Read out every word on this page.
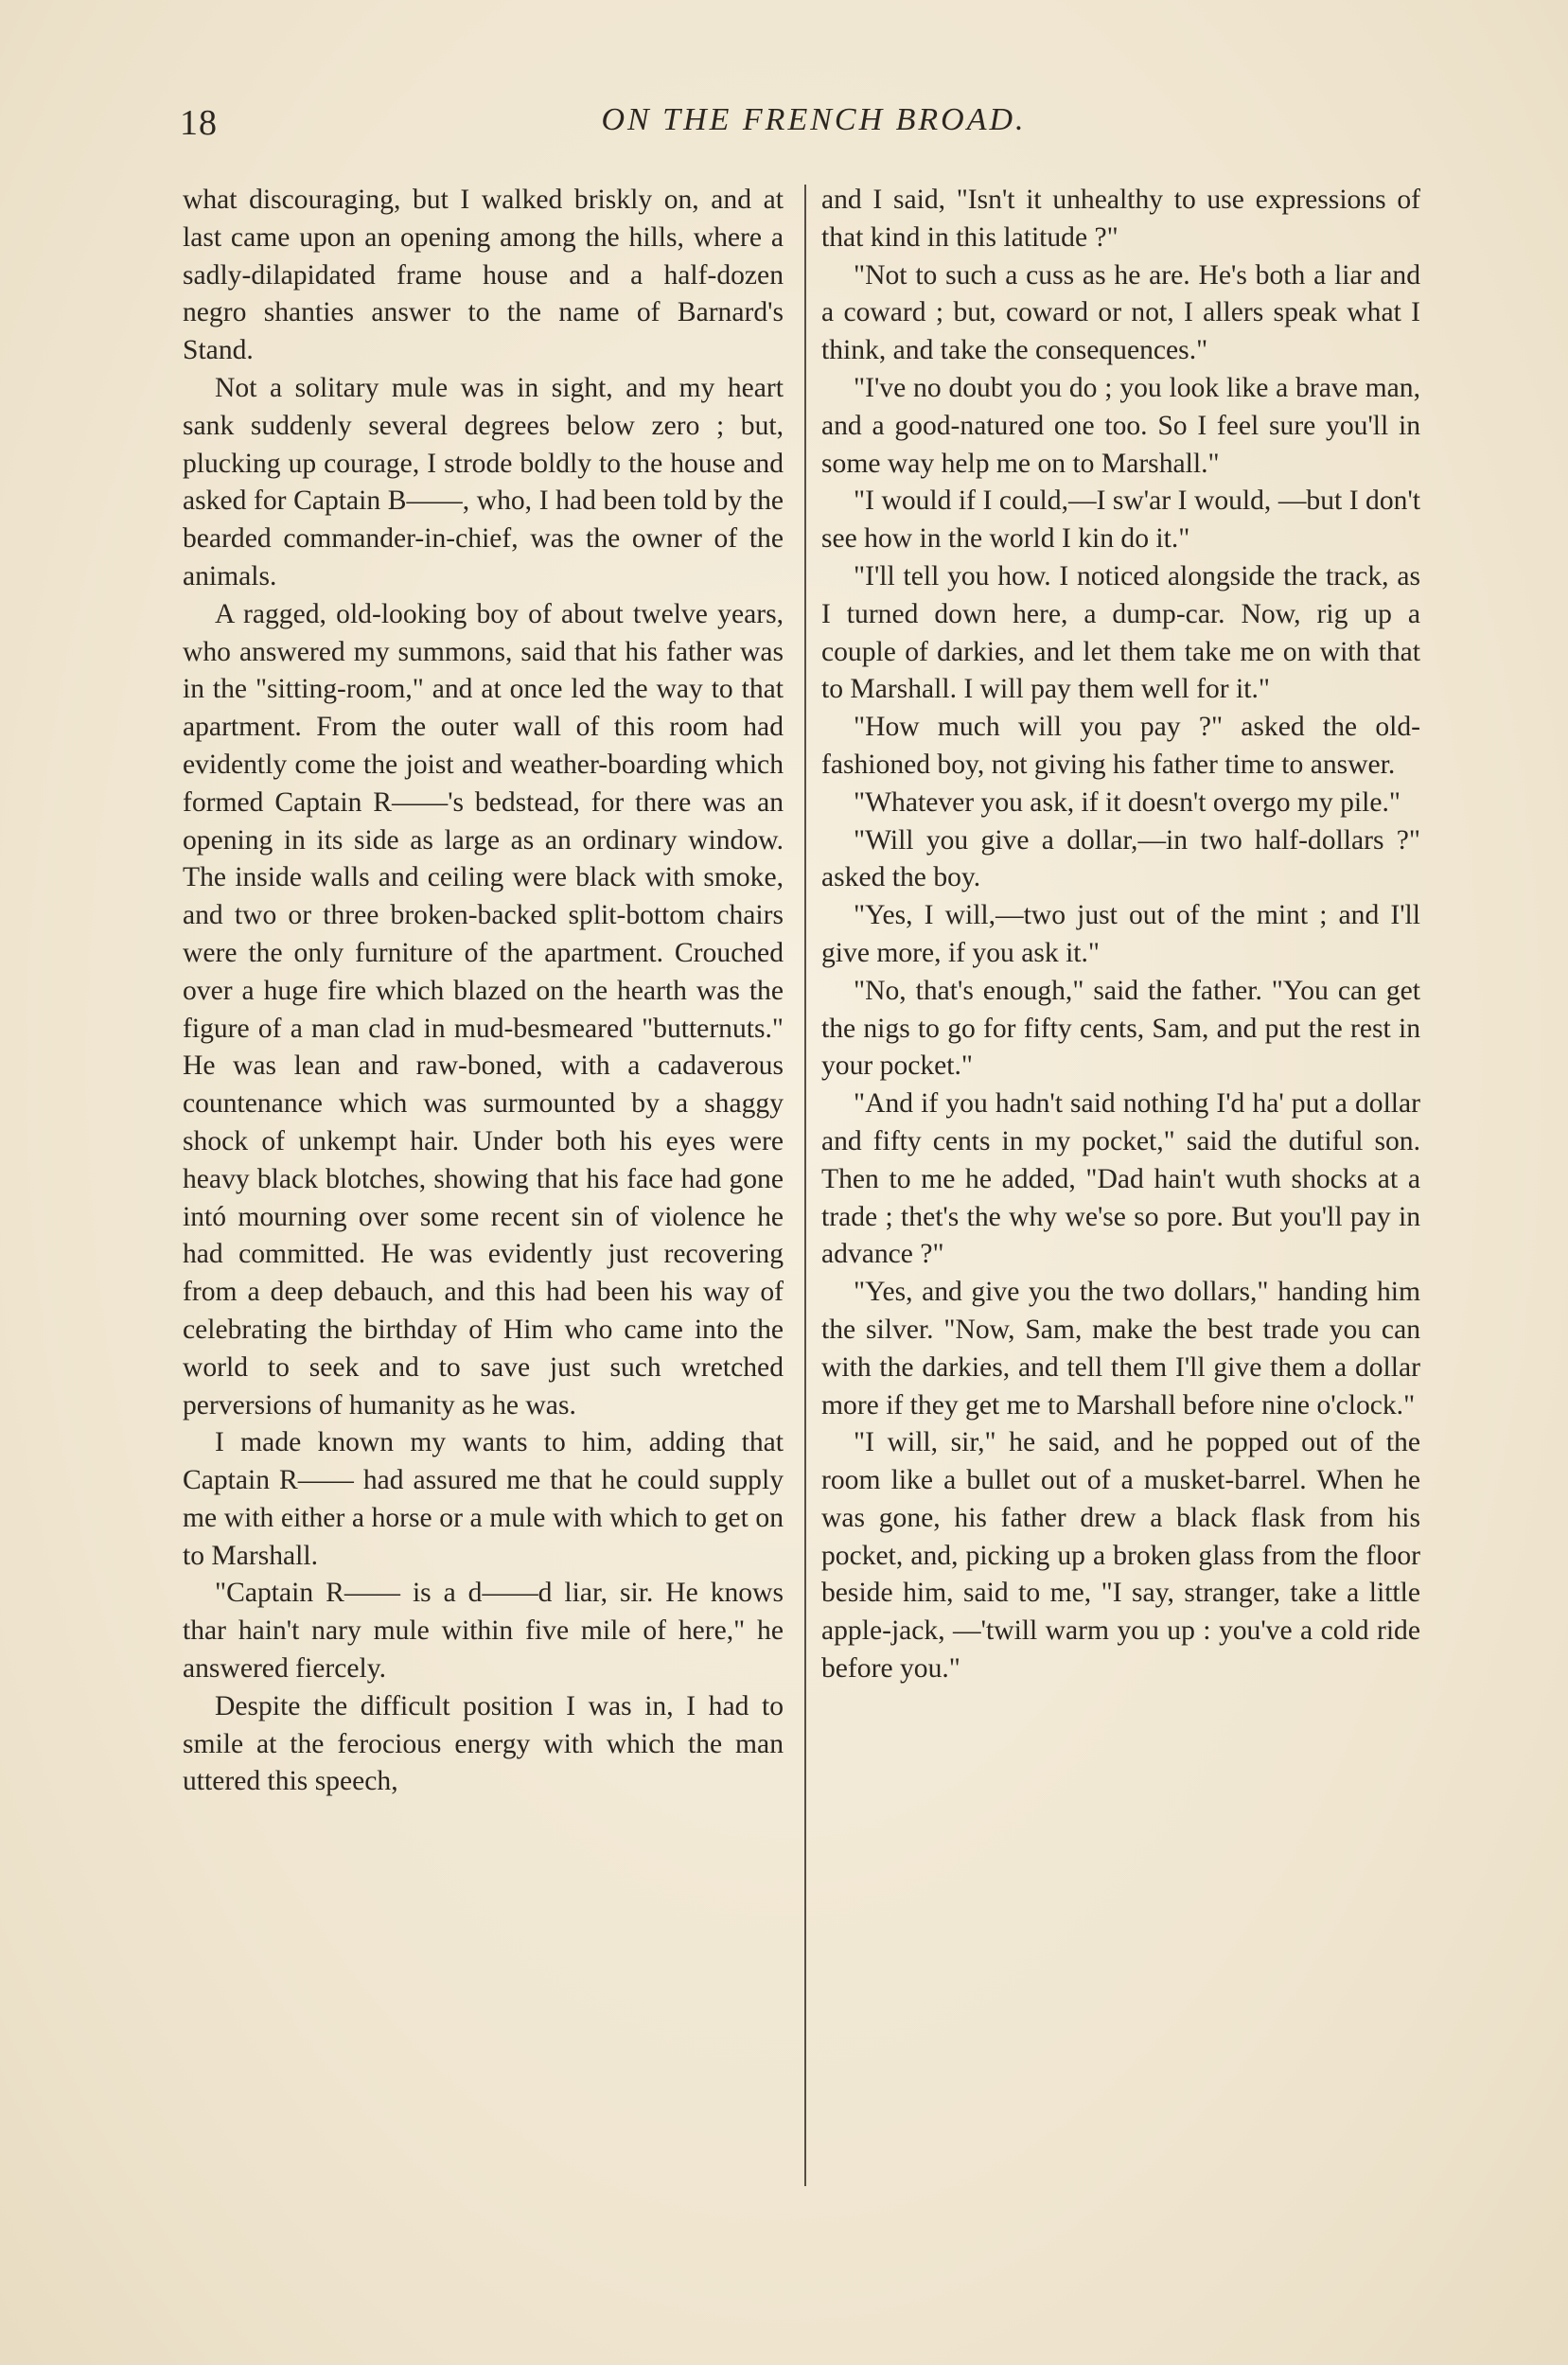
18	ON THE FRENCH BROAD.

what discouraging, but I walked briskly on, and at last came upon an opening among the hills, where a sadly-dilapidated frame house and a half-dozen negro shanties answer to the name of Barnard's Stand.

Not a solitary mule was in sight, and my heart sank suddenly several degrees below zero ; but, plucking up courage, I strode boldly to the house and asked for Captain B——, who, I had been told by the bearded commander-in-chief, was the owner of the animals.

A ragged, old-looking boy of about twelve years, who answered my summons, said that his father was in the "sitting-room," and at once led the way to that apartment. From the outer wall of this room had evidently come the joist and weather-boarding which formed Captain R——'s bedstead, for there was an opening in its side as large as an ordinary window. The inside walls and ceiling were black with smoke, and two or three broken-backed split-bottom chairs were the only furniture of the apartment. Crouched over a huge fire which blazed on the hearth was the figure of a man clad in mud-besmeared "butternuts." He was lean and raw-boned, with a cadaverous countenance which was surmounted by a shaggy shock of unkempt hair. Under both his eyes were heavy black blotches, showing that his face had gone intó mourning over some recent sin of violence he had committed. He was evidently just recovering from a deep debauch, and this had been his way of celebrating the birthday of Him who came into the world to seek and to save just such wretched perversions of humanity as he was.

I made known my wants to him, adding that Captain R—— had assured me that he could supply me with either a horse or a mule with which to get on to Marshall.

"Captain R—— is a d——d liar, sir. He knows thar hain't nary mule within five mile of here," he answered fiercely.

Despite the difficult position I was in, I had to smile at the ferocious energy with which the man uttered this speech,

and I said, "Isn't it unhealthy to use expressions of that kind in this latitude ?"

"Not to such a cuss as he are. He's both a liar and a coward ; but, coward or not, I allers speak what I think, and take the consequences."

"I've no doubt you do ; you look like a brave man, and a good-natured one too. So I feel sure you'll in some way help me on to Marshall."

"I would if I could,—I sw'ar I would, —but I don't see how in the world I kin do it."

"I'll tell you how. I noticed alongside the track, as I turned down here, a dump-car. Now, rig up a couple of darkies, and let them take me on with that to Marshall. I will pay them well for it."

"How much will you pay ?" asked the old-fashioned boy, not giving his father time to answer.

"Whatever you ask, if it doesn't overgo my pile."

"Will you give a dollar,—in two half-dollars ?" asked the boy.

"Yes, I will,—two just out of the mint ; and I'll give more, if you ask it."

"No, that's enough," said the father. "You can get the nigs to go for fifty cents, Sam, and put the rest in your pocket."

"And if you hadn't said nothing I'd ha' put a dollar and fifty cents in my pocket," said the dutiful son. Then to me he added, "Dad hain't wuth shocks at a trade ; thet's the why we'se so pore. But you'll pay in advance ?"

"Yes, and give you the two dollars," handing him the silver. "Now, Sam, make the best trade you can with the darkies, and tell them I'll give them a dollar more if they get me to Marshall before nine o'clock."

"I will, sir," he said, and he popped out of the room like a bullet out of a musket-barrel. When he was gone, his father drew a black flask from his pocket, and, picking up a broken glass from the floor beside him, said to me, "I say, stranger, take a little apple-jack, —'twill warm you up : you've a cold ride before you."
